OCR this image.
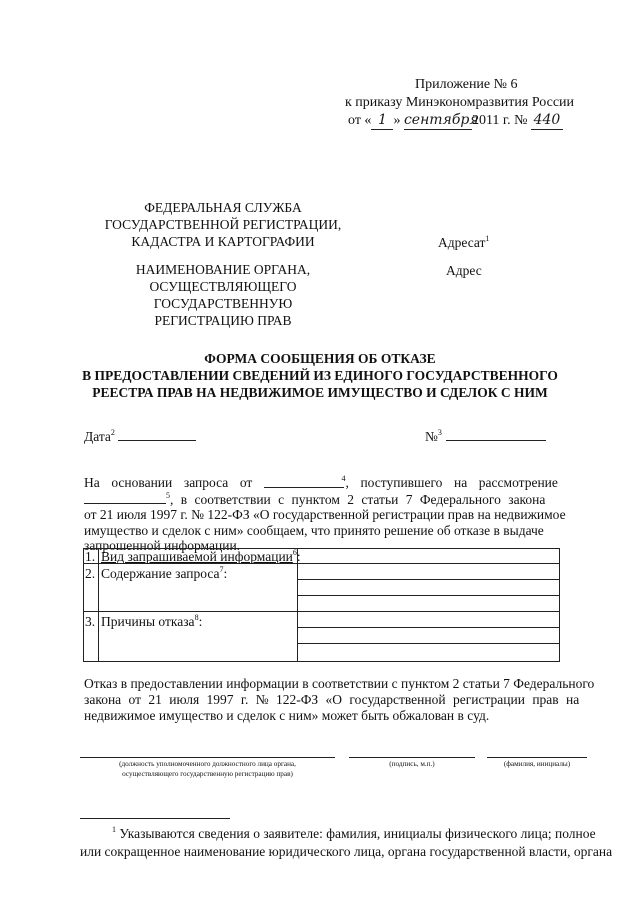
Приложение № 6
к приказу Минэкономразвития России
от « 1 » сентября2011 г. № 440
ФЕДЕРАЛЬНАЯ СЛУЖБА
ГОСУДАРСТВЕННОЙ РЕГИСТРАЦИИ,
КАДАСТРА И КАРТОГРАФИИ	Адресат$^1$
НАИМЕНОВАНИЕ ОРГАНА,
ОСУЩЕСТВЛЯЮЩЕГО
ГОСУДАРСТВЕННУЮ
РЕГИСТРАЦИЮ ПРАВ
Адрес
ФОРМА СООБЩЕНИЯ ОБ ОТКАЗЕ
В ПРЕДОСТАВЛЕНИИ СВЕДЕНИЙ ИЗ ЕДИНОГО ГОСУДАРСТВЕННОГО
РЕЕСТРА ПРАВ НА НЕДВИЖИМОЕ ИМУЩЕСТВО И СДЕЛОК С НИМ
Дата$^2$	№$^3$
На основании запроса от	$^4$, поступившего на рассмотрение
$^5$, в соответствии с пунктом 2 статьи 7 Федерального закона
от 21 июля 1997 г. № 122-ФЗ «О государственной регистрации прав на недвижимое
имущество и сделок с ним» сообщаем, что принято решение об отказе в выдаче
запрошенной информации.
1. Вид запрашиваемой информации$^6$:
2. Содержание запроса$^7$:
3. Причины отказа$^8$:
Отказ в предоставлении информации в соответствии с пунктом 2 статьи 7 Федерального
закона от 21 июля 1997 г. № 122-ФЗ «О государственной регистрации прав на
недвижимое имущество и сделок с ним» может быть обжалован в суд.
(должность уполномоченного должностного лица органа,
осуществляющего государственную регистрацию прав)
(подпись, м.п.)	(фамилия, инициалы)
$^1$ Указываются сведения о заявителе: фамилия, инициалы физического лица; полное
или сокращенное наименование юридического лица, органа государственной власти, органа
